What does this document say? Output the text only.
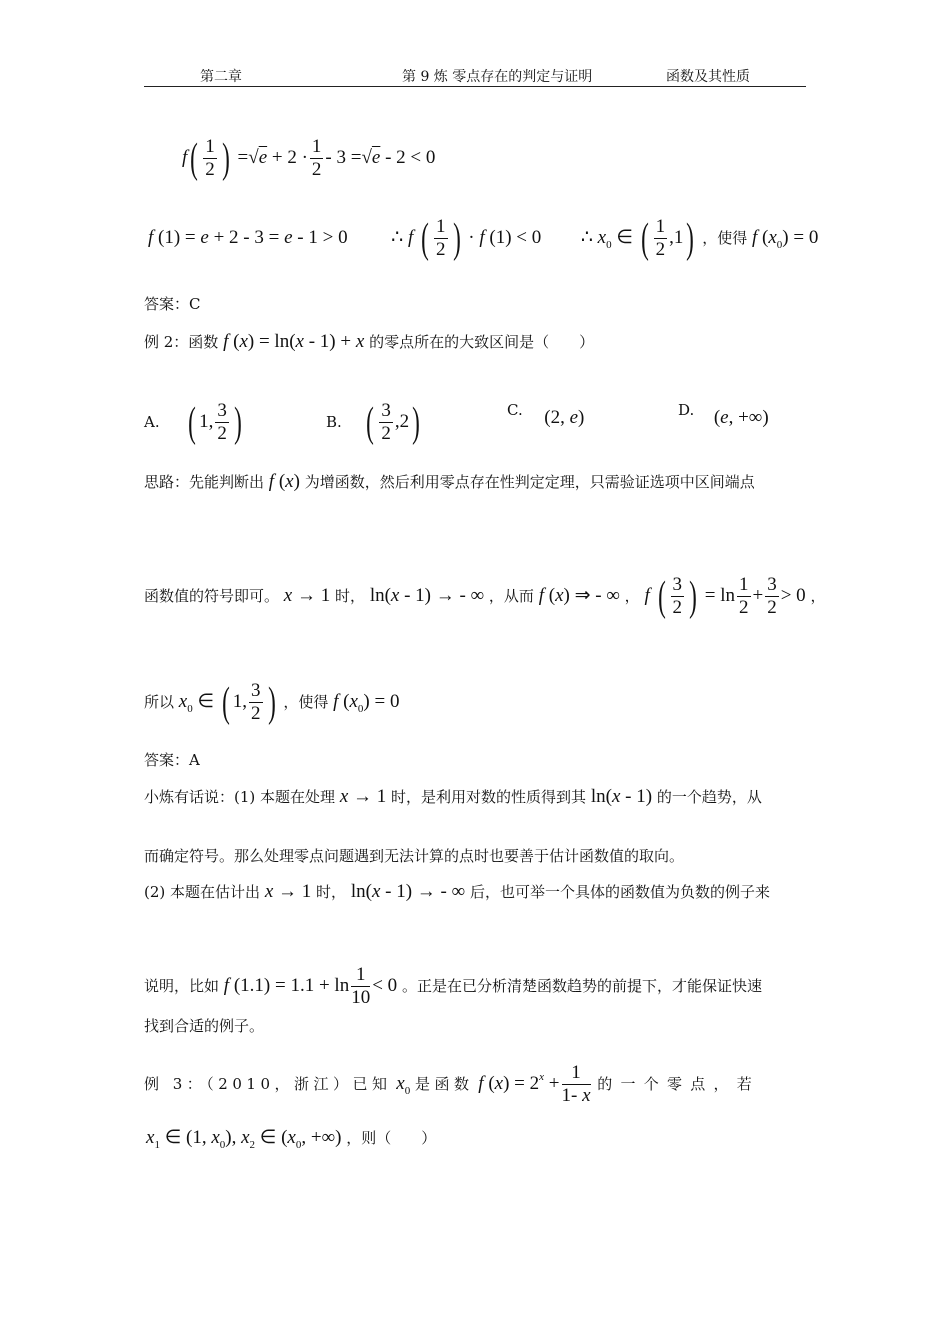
第二章	第 9 炼 零点存在的判定与证明	函数及其性质
$f( \frac{1}{2}$ ) $=√e + 2 \cdot \frac{1}{2} - 3 =√e - 2 < 0$
f (1) = e + 2 - 3 = e - 1 > 0 ∴ f ( $\frac{1}{2}$ ) · f (1) < 0 ∴ $x_0$ ∈ ( $\frac{1}{2} ,1$) ，使得 f $(x_0) = 0$
答案：C
例 2：函数 f (x) = ln(x - 1) + x 的零点所在的大致区间是（　　）
A. ( 1, $\frac{3}{2}$ )	B. ( $\frac{3}{2} ,2$)	C. (2, e)	D. (e, +∞)
思路：先能判断出 f (x) 为增函数，然后利用零点存在性判定定理，只需验证选项中区间端点
函数值的符号即可。 x → 1 时， ln(x - 1) → - ∞ ，从而 f (x) ⇒ - ∞ ， f ( $\frac{3}{2}$ ) = $\ln \frac{1}{2} + \frac{3}{2} > 0$ ，
所以 $x_0$ ∈ ( 1, $\frac{3}{2}$ ) ，使得 f $(x_0) = 0$
答案：A
小炼有话说：(1) 本题在处理 x → 1 时，是利用对数的性质得到其 ln(x - 1) 的一个趋势，从
而确定符号。那么处理零点问题遇到无法计算的点时也要善于估计函数值的取向。
(2) 本题在估计出 x → 1 时， ln(x - 1) → - ∞ 后，也可举一个具体的函数值为负数的例子来
说明，比如 f $(1.1) = 1.1 + \ln \frac{1}{10} < 0$ 。正是在已分析清楚函数趋势的前提下，才能保证快速
找到合适的例子。
例 3：（2010，浙江）已知 $x_0$ 是函数 f $(x) = 2^x + \frac{1}{1- x}$ 的一个零点，若
$x_1$ ∈ (1, $x_0$), $x_2$ ∈ ($x_0$, +∞) ，则（　　）
